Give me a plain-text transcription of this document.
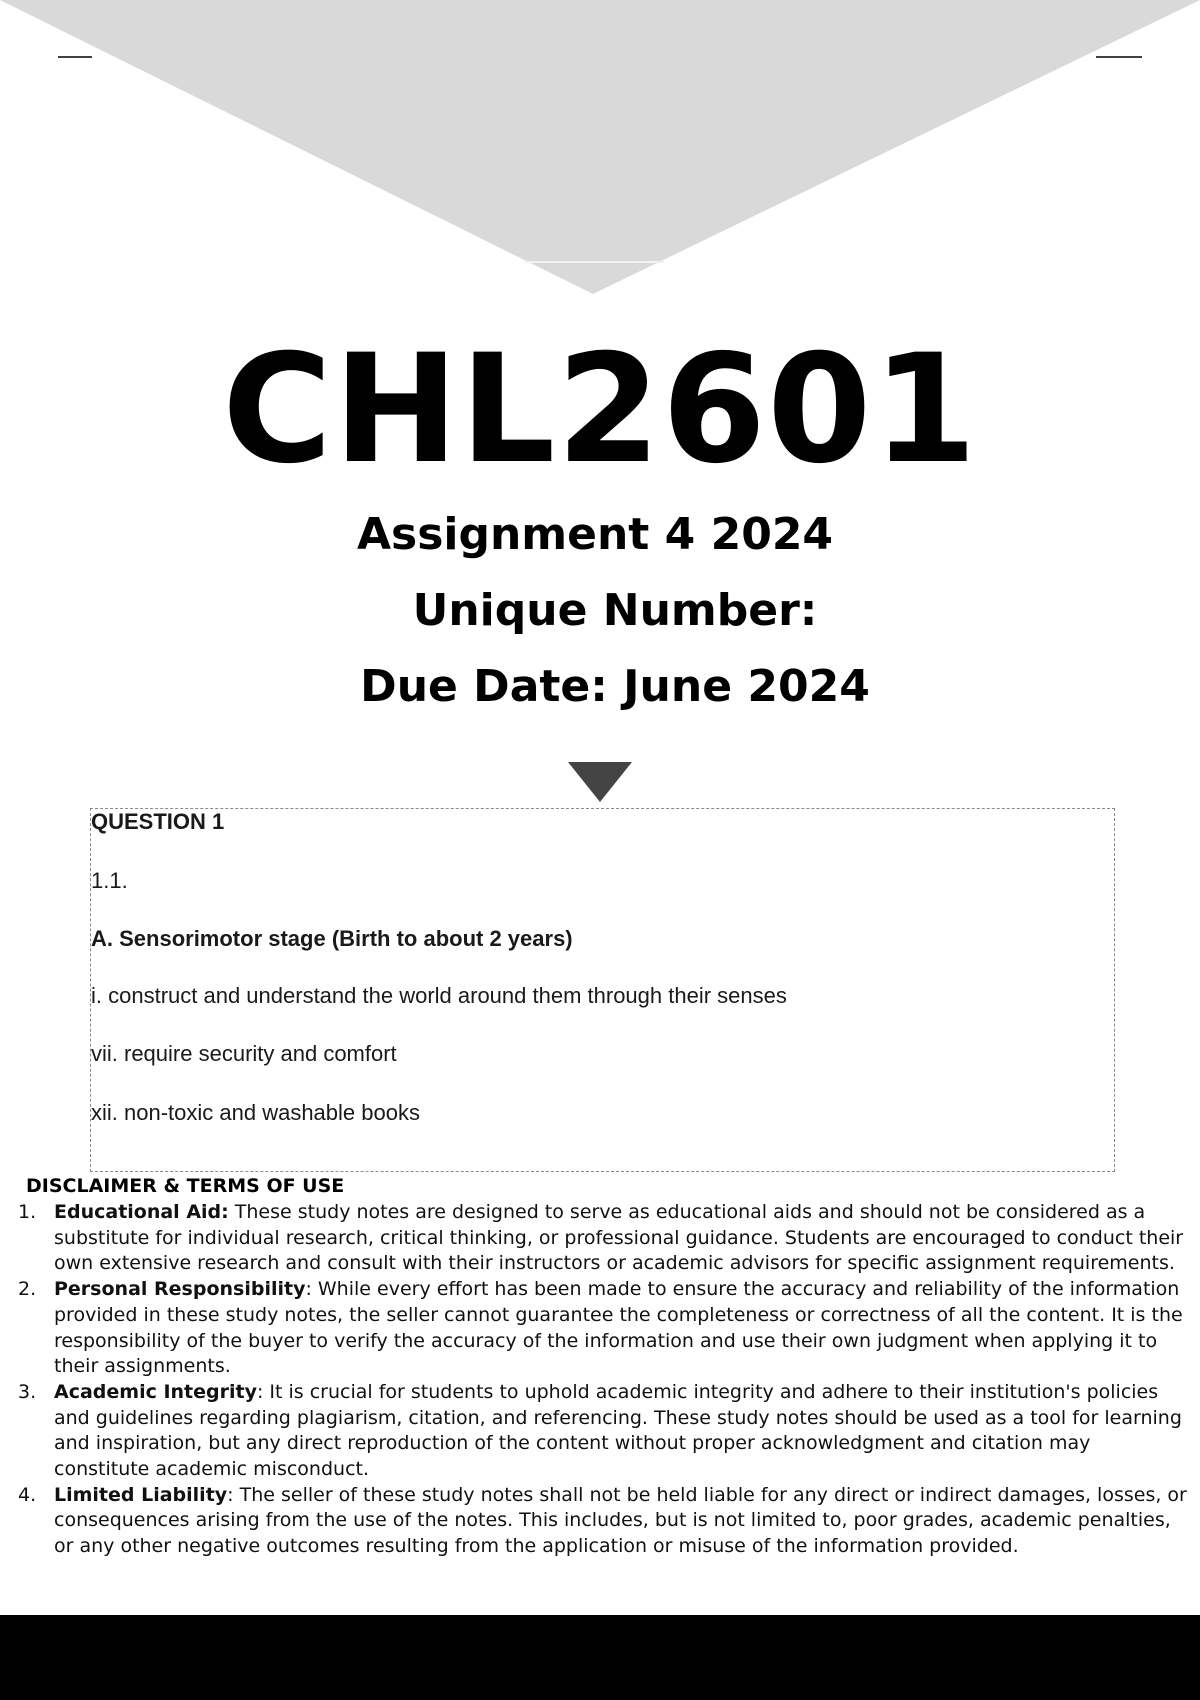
CHL2601
Assignment 4 2024
Unique Number:
Due Date: June 2024
QUESTION 1
1.1.
A. Sensorimotor stage (Birth to about 2 years)
i. construct and understand the world around them through their senses
vii. require security and comfort
xii. non-toxic and washable books
DISCLAIMER & TERMS OF USE
1. Educational Aid: These study notes are designed to serve as educational aids and should not be considered as a substitute for individual research, critical thinking, or professional guidance. Students are encouraged to conduct their own extensive research and consult with their instructors or academic advisors for specific assignment requirements.
2. Personal Responsibility: While every effort has been made to ensure the accuracy and reliability of the information provided in these study notes, the seller cannot guarantee the completeness or correctness of all the content. It is the responsibility of the buyer to verify the accuracy of the information and use their own judgment when applying it to their assignments.
3. Academic Integrity: It is crucial for students to uphold academic integrity and adhere to their institution's policies and guidelines regarding plagiarism, citation, and referencing. These study notes should be used as a tool for learning and inspiration, but any direct reproduction of the content without proper acknowledgment and citation may constitute academic misconduct.
4. Limited Liability: The seller of these study notes shall not be held liable for any direct or indirect damages, losses, or consequences arising from the use of the notes. This includes, but is not limited to, poor grades, academic penalties, or any other negative outcomes resulting from the application or misuse of the information provided.
